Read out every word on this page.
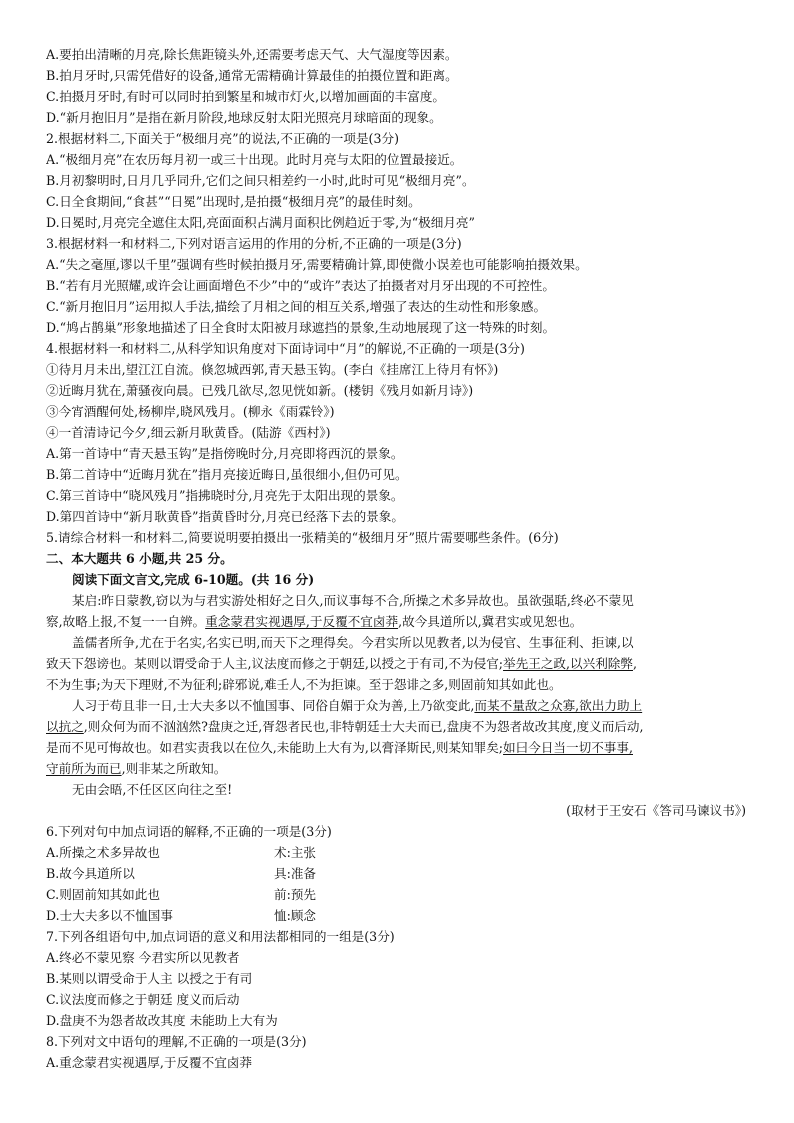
A.要拍出清晰的月亮,除长焦距镜头外,还需要考虑天气、大气湿度等因素。
B.拍月牙时,只需凭借好的设备,通常无需精确计算最佳的拍摄位置和距离。
C.拍摄月牙时,有时可以同时拍到繁星和城市灯火,以增加画面的丰富度。
D.“新月抱旧月”是指在新月阶段,地球反射太阳光照亮月球暗面的现象。
2.根据材料二,下面关于“极细月亮”的说法,不正确的一项是(3分)
A.“极细月亮”在农历每月初一或三十出现。此时月亮与太阳的位置最接近。
B.月初黎明时,日月几乎同升,它们之间只相差约一小时,此时可见“极细月亮”。
C.日全食期间,“食甚”“日冕”出现时,是拍摄“极细月亮”的最佳时刻。
D.日冕时,月亮完全遮住太阳,亮面面积占满月面积比例趋近于零,为“极细月亮”
3.根据材料一和材料二,下列对语言运用的作用的分析,不正确的一项是(3分)
A.“失之毫厘,谬以千里”强调有些时候拍摄月牙,需要精确计算,即使微小误差也可能影响拍摄效果。
B.“若有月光照耀,或许会让画面增色不少”中的“或许”表达了拍摄者对月牙出现的不可控性。
C.“新月抱旧月”运用拟人手法,描绘了月相之间的相互关系,增强了表达的生动性和形象感。
D.“鸠占鹊巢”形象地描述了日全食时太阳被月球遮挡的景象,生动地展现了这一特殊的时刻。
4.根据材料一和材料二,从科学知识角度对下面诗词中“月”的解说,不正确的一项是(3分)
①待月月未出,望江江自流。倏忽城西郭,青天悬玉钩。(李白《挂席江上待月有怀》)
②近晦月犹在,萧骚夜向晨。已残几欲尽,忽见恍如新。(楼钥《残月如新月诗》)
③今宵酒醒何处,杨柳岸,晓风残月。(柳永《雨霖铃》)
④一首清诗记今夕,细云新月耿黄昏。(陆游《西村》)
A.第一首诗中“青天悬玉钩”是指傍晚时分,月亮即将西沉的景象。
B.第二首诗中“近晦月犹在”指月亮接近晦日,虽很细小,但仍可见。
C.第三首诗中“晓风残月”指拂晓时分,月亮先于太阳出现的景象。
D.第四首诗中“新月耿黄昏”指黄昏时分,月亮已经落下去的景象。
5.请综合材料一和材料二,简要说明要拍摄出一张精美的“极细月牙”照片需要哪些条件。(6分)
二、本大题共 6 小题,共 25 分。
阅读下面文言文,完成 6-10题。(共 16 分)
某启:昨日蒙教,窃以为与君实游处相好之日久,而议事每不合,所操之术多异故也。虽欲强聒,终必不蒙见
察,故略上报,不复一一自辨。重念蒙君实视遇厚,于反覆不宜卤莽,故今具道所以,冀君实或见恕也。
盖儒者所争,尤在于名实,名实已明,而天下之理得矣。今君实所以见教者,以为侵官、生事征利、拒谏,以
致天下怨谤也。某则以谓受命于人主,议法度而修之于朝廷,以授之于有司,不为侵官;举先王之政,以兴利除弊,
不为生事;为天下理财,不为征利;辟邪说,难壬人,不为拒谏。至于怨诽之多,则固前知其如此也。
人习于苟且非一日,士大夫多以不恤国事、同俗自媚于众为善,上乃欲变此,而某不量敌之众寡,欲出力助上
以抗之,则众何为而不汹汹然?盘庚之迁,胥怨者民也,非特朝廷士大夫而已,盘庚不为怨者故改其度,度义而后动,
是而不见可悔故也。如君实责我以在位久,未能助上大有为,以膏泽斯民,则某知罪矣;如曰今日当一切不事事,
守前所为而已,则非某之所敢知。
无由会晤,不任区区向往之至!
(取材于王安石《答司马谏议书》)
6.下列对句中加点词语的解释,不正确的一项是(3分)
A.所操之术多异故也	术:主张
B.故今具道所以	具:准备
C.则固前知其如此也	前:预先
D.士大夫多以不恤国事	恤:顾念
7.下列各组语句中,加点词语的意义和用法都相同的一组是(3分)
A.终必不蒙见察 今君实所以见教者
B.某则以谓受命于人主 以授之于有司
C.议法度而修之于朝廷 度义而后动
D.盘庚不为怨者故改其度 未能助上大有为
8.下列对文中语句的理解,不正确的一项是(3分)
A.重念蒙君实视遇厚,于反覆不宜卤莽
